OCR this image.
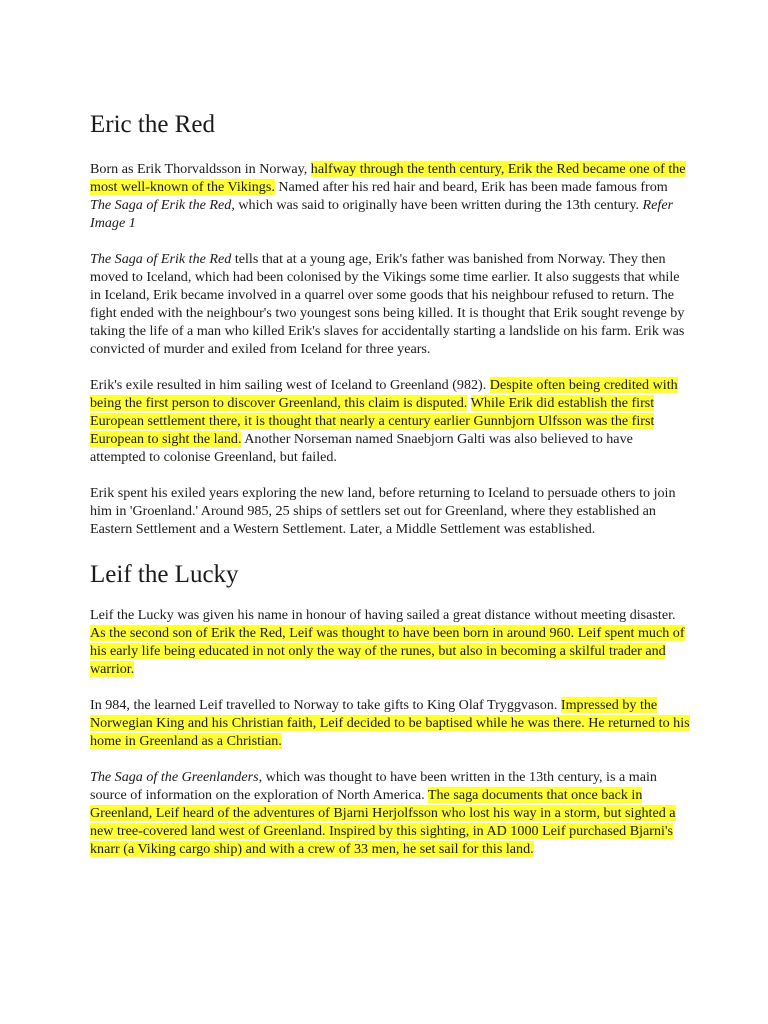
Eric the Red

Born as Erik Thorvaldsson in Norway, halfway through the tenth century, Erik the Red became one of the most well-known of the Vikings. Named after his red hair and beard, Erik has been made famous from The Saga of Erik the Red, which was said to originally have been written during the 13th century. Refer Image 1

The Saga of Erik the Red tells that at a young age, Erik's father was banished from Norway. They then moved to Iceland, which had been colonised by the Vikings some time earlier. It also suggests that while in Iceland, Erik became involved in a quarrel over some goods that his neighbour refused to return. The fight ended with the neighbour's two youngest sons being killed. It is thought that Erik sought revenge by taking the life of a man who killed Erik's slaves for accidentally starting a landslide on his farm. Erik was convicted of murder and exiled from Iceland for three years.

Erik's exile resulted in him sailing west of Iceland to Greenland (982). Despite often being credited with being the first person to discover Greenland, this claim is disputed. While Erik did establish the first European settlement there, it is thought that nearly a century earlier Gunnbjorn Ulfsson was the first European to sight the land. Another Norseman named Snaebjorn Galti was also believed to have attempted to colonise Greenland, but failed.

Erik spent his exiled years exploring the new land, before returning to Iceland to persuade others to join him in 'Groenland.' Around 985, 25 ships of settlers set out for Greenland, where they established an Eastern Settlement and a Western Settlement. Later, a Middle Settlement was established.

Leif the Lucky

Leif the Lucky was given his name in honour of having sailed a great distance without meeting disaster. As the second son of Erik the Red, Leif was thought to have been born in around 960. Leif spent much of his early life being educated in not only the way of the runes, but also in becoming a skilful trader and warrior.

In 984, the learned Leif travelled to Norway to take gifts to King Olaf Tryggvason. Impressed by the Norwegian King and his Christian faith, Leif decided to be baptised while he was there. He returned to his home in Greenland as a Christian.

The Saga of the Greenlanders, which was thought to have been written in the 13th century, is a main source of information on the exploration of North America. The saga documents that once back in Greenland, Leif heard of the adventures of Bjarni Herjolfsson who lost his way in a storm, but sighted a new tree-covered land west of Greenland. Inspired by this sighting, in AD 1000 Leif purchased Bjarni's knarr (a Viking cargo ship) and with a crew of 33 men, he set sail for this land.
